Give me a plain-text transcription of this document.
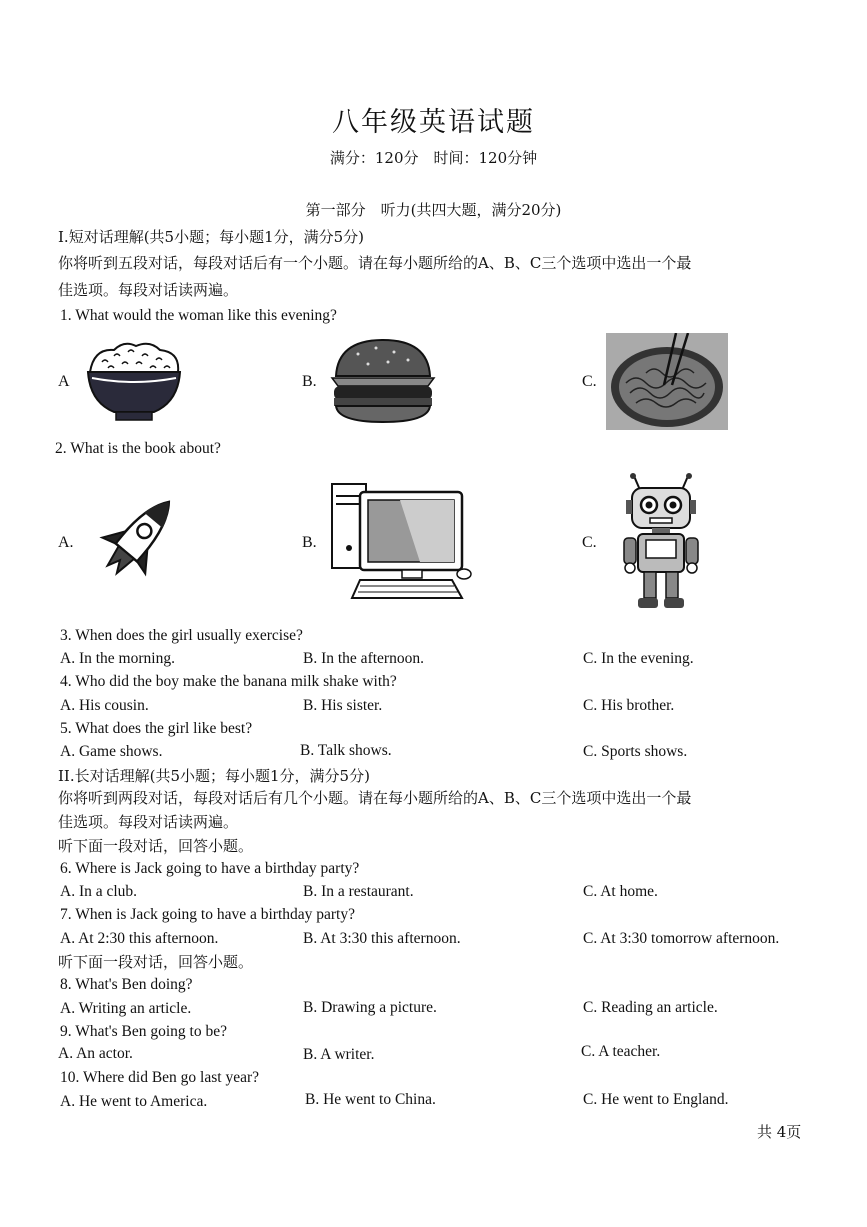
八年级英语试题
满分：120分　时间：120分钟
第一部分　听力(共四大题，满分20分)
I.短对话理解(共5小题；每小题1分，满分5分)
你将听到五段对话，每段对话后有一个小题。请在每小题所给的A、B、C三个选项中选出一个最
佳选项。每段对话读两遍。
1. What would the woman like this evening?
A	B.	C.
2. What is the book about?
A.	B.	C.
3. When does the girl usually exercise?
A. In the morning.	B. In the afternoon.	C. In the evening.
4. Who did the boy make the banana milk shake with?
A. His cousin.	B. His sister.	C. His brother.
5. What does the girl like best?
A. Game shows.	B. Talk shows.	C. Sports shows.
II.长对话理解(共5小题；每小题1分，满分5分)
你将听到两段对话，每段对话后有几个小题。请在每小题所给的A、B、C三个选项中选出一个最
佳选项。每段对话读两遍。
听下面一段对话，回答小题。
6. Where is Jack going to have a birthday party?
A. In a club.	B. In a restaurant.	C. At home.
7. When is Jack going to have a birthday party?
A. At 2:30 this afternoon.	B. At 3:30 this afternoon.	C. At 3:30 tomorrow afternoon.
听下面一段对话，回答小题。
8. What's Ben doing?
A. Writing an article.	B. Drawing a picture.	C. Reading an article.
9. What's Ben going to be?
A. An actor.	B. A writer.	C. A teacher.
10. Where did Ben go last year?
A. He went to America.	B. He went to China.	C. He went to England.
共 4页
